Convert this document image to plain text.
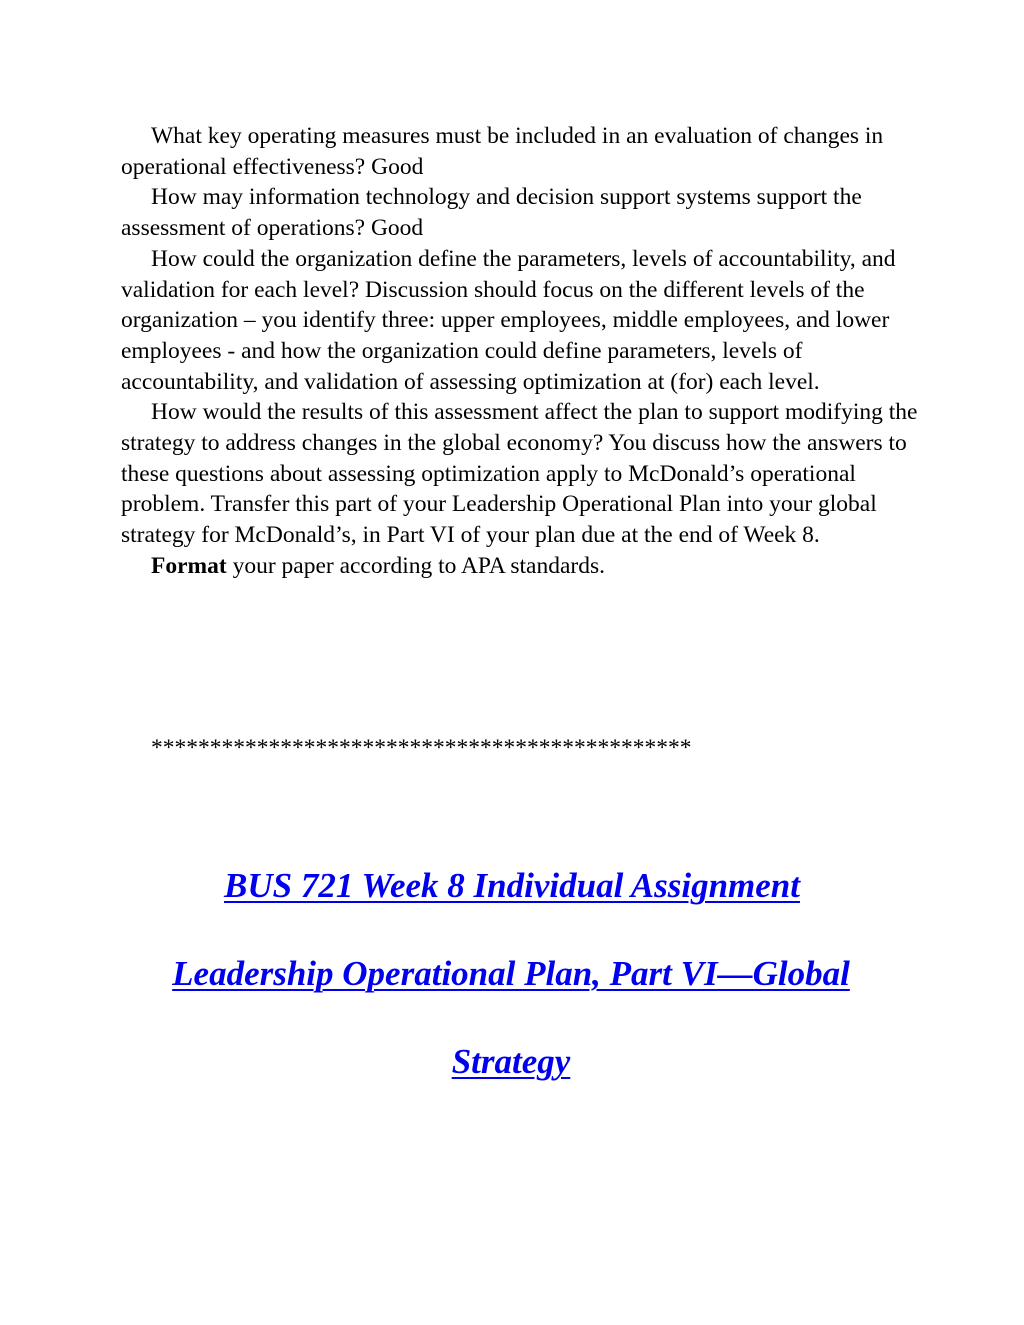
What key operating measures must be included in an evaluation of changes in operational effectiveness? Good

How may information technology and decision support systems support the assessment of operations? Good

How could the organization define the parameters, levels of accountability, and validation for each level? Discussion should focus on the different levels of the organization – you identify three: upper employees, middle employees, and lower employees - and how the organization could define parameters, levels of accountability, and validation of assessing optimization at (for) each level.

How would the results of this assessment affect the plan to support modifying the strategy to address changes in the global economy? You discuss how the answers to these questions about assessing optimization apply to McDonald’s operational problem. Transfer this part of your Leadership Operational Plan into your global strategy for McDonald’s, in Part VI of your plan due at the end of Week 8.

Format your paper according to APA standards.

**********************************************
BUS 721 Week 8 Individual Assignment
Leadership Operational Plan, Part VI—Global
Strategy
